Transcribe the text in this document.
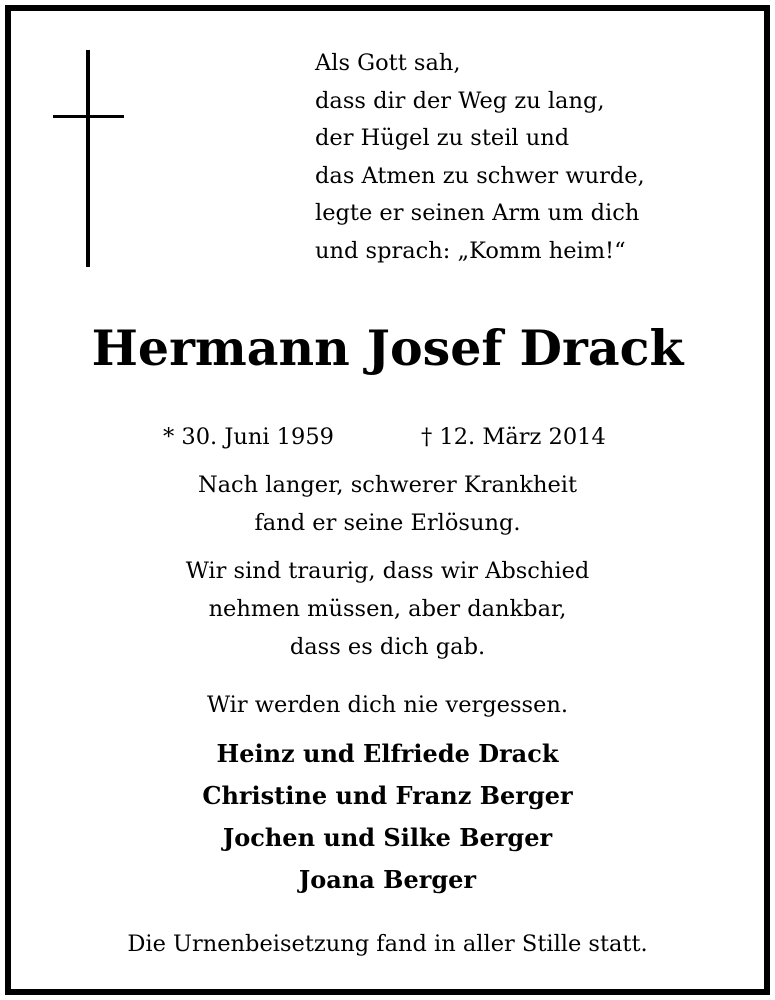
Als Gott sah,
dass dir der Weg zu lang,
der Hügel zu steil und
das Atmen zu schwer wurde,
legte er seinen Arm um dich
und sprach: „Komm heim!“
Hermann Josef Drack
* 30. Juni 1959	† 12. März 2014
Nach langer, schwerer Krankheit
fand er seine Erlösung.
Wir sind traurig, dass wir Abschied
nehmen müssen, aber dankbar,
dass es dich gab.
Wir werden dich nie vergessen.
Heinz und Elfriede Drack
Christine und Franz Berger
Jochen und Silke Berger
Joana Berger
Die Urnenbeisetzung fand in aller Stille statt.
